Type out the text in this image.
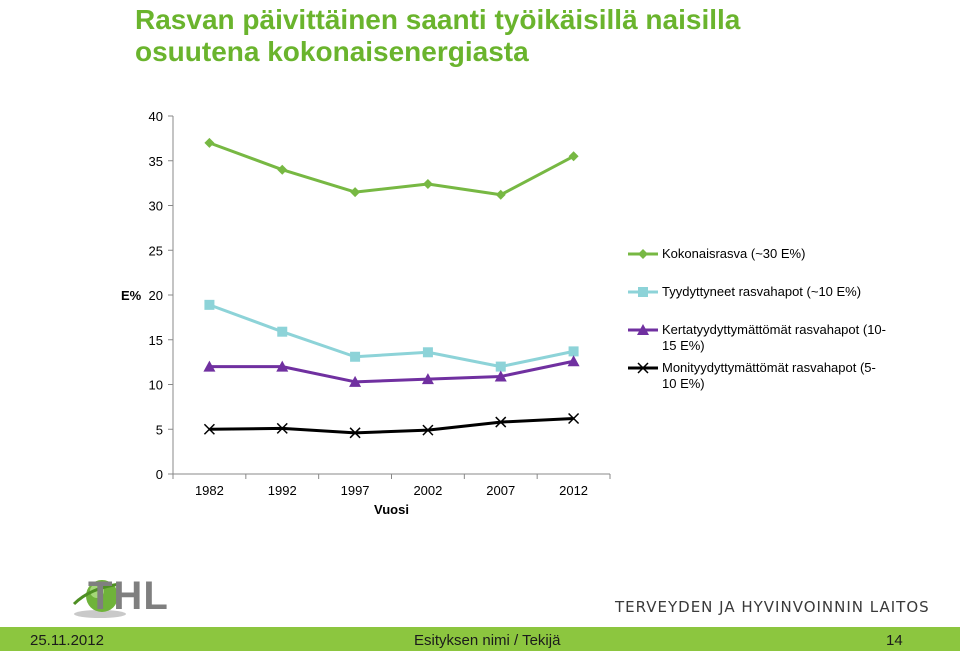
Rasvan päivittäinen saanti työikäisillä naisilla
osuutena kokonaisenergiasta
0
5
10
15
20
25
30
35
40
1982	1992	1997	2002	2007	2012
E%
Vuosi
Kokonaisrasva (~30 E%)
Tyydyttyneet rasvahapot (~10 E%)
Kertatyydyttymättömät rasvahapot (10-
15 E%)
Monityydyttymättömät rasvahapot (5-
10 E%)
THL	TERVEYDEN JA HYVINVOINNIN LAITOS
25.11.2012	Esityksen nimi / Tekijä	14
